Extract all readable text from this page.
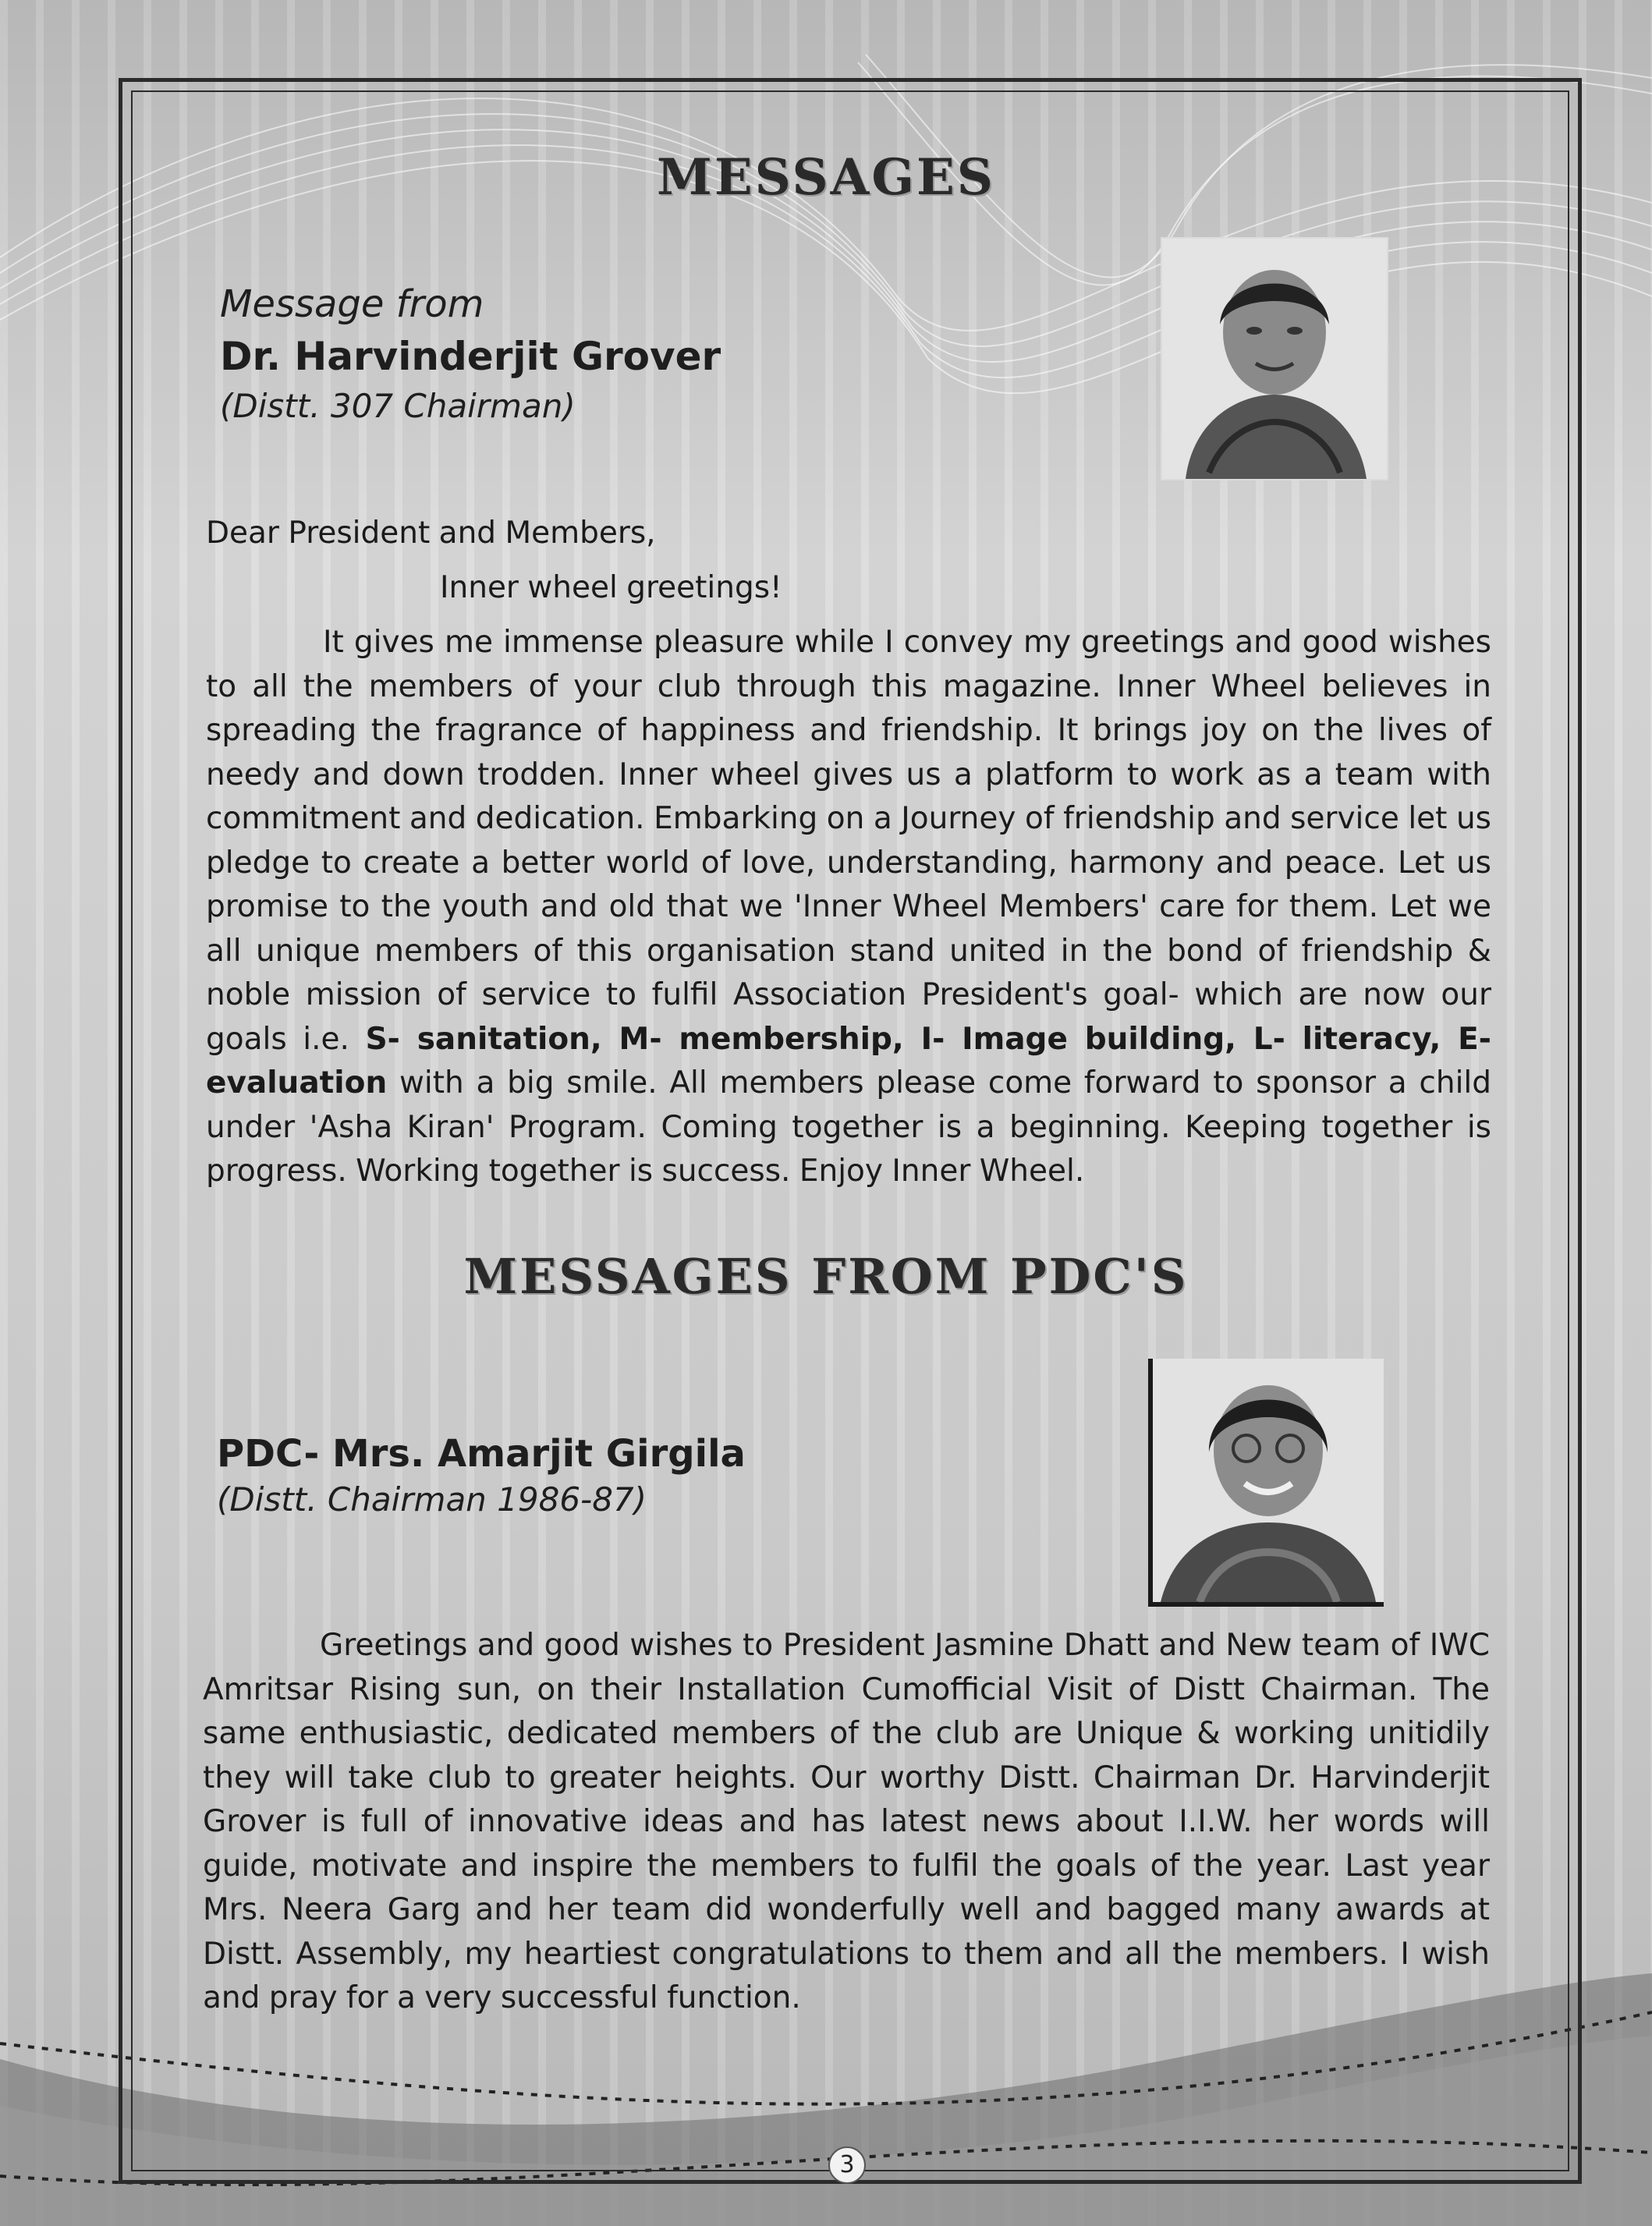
MESSAGES
Message from
Dr. Harvinderjit Grover
(Distt. 307 Chairman)
Dear President and Members,
Inner wheel greetings!
It gives me immense pleasure while I convey my greetings and good wishes to all the members of your club through this magazine. Inner Wheel believes in spreading the fragrance of happiness and friendship. It brings joy on the lives of needy and down trodden. Inner wheel gives us a platform to work as a team with commitment and dedication. Embarking on a Journey of friendship and service let us pledge to create a better world of love, understanding, harmony and peace. Let us promise to the youth and old that we 'Inner Wheel Members' care for them. Let we all unique members of this organisation stand united in the bond of friendship & noble mission of service to fulfil Association President's goal- which are now our goals i.e. S- sanitation, M- membership, I- Image building, L- literacy, E- evaluation with a big smile. All members please come forward to sponsor a child under 'Asha Kiran' Program. Coming together is a beginning. Keeping together is progress. Working together is success. Enjoy Inner Wheel.
MESSAGES FROM PDC'S
PDC- Mrs. Amarjit Girgila
(Distt. Chairman 1986-87)
Greetings and good wishes to President Jasmine Dhatt and New team of IWC Amritsar Rising sun, on their Installation Cumofficial Visit of Distt Chairman. The same enthusiastic, dedicated members of the club are Unique & working unitidily they will take club to greater heights. Our worthy Distt. Chairman Dr. Harvinderjit Grover is full of innovative ideas and has latest news about I.I.W. her words will guide, motivate and inspire the members to fulfil the goals of the year. Last year Mrs. Neera Garg and her team did wonderfully well and bagged many awards at Distt. Assembly, my heartiest congratulations to them and all the members. I wish and pray for a very successful function.
3
